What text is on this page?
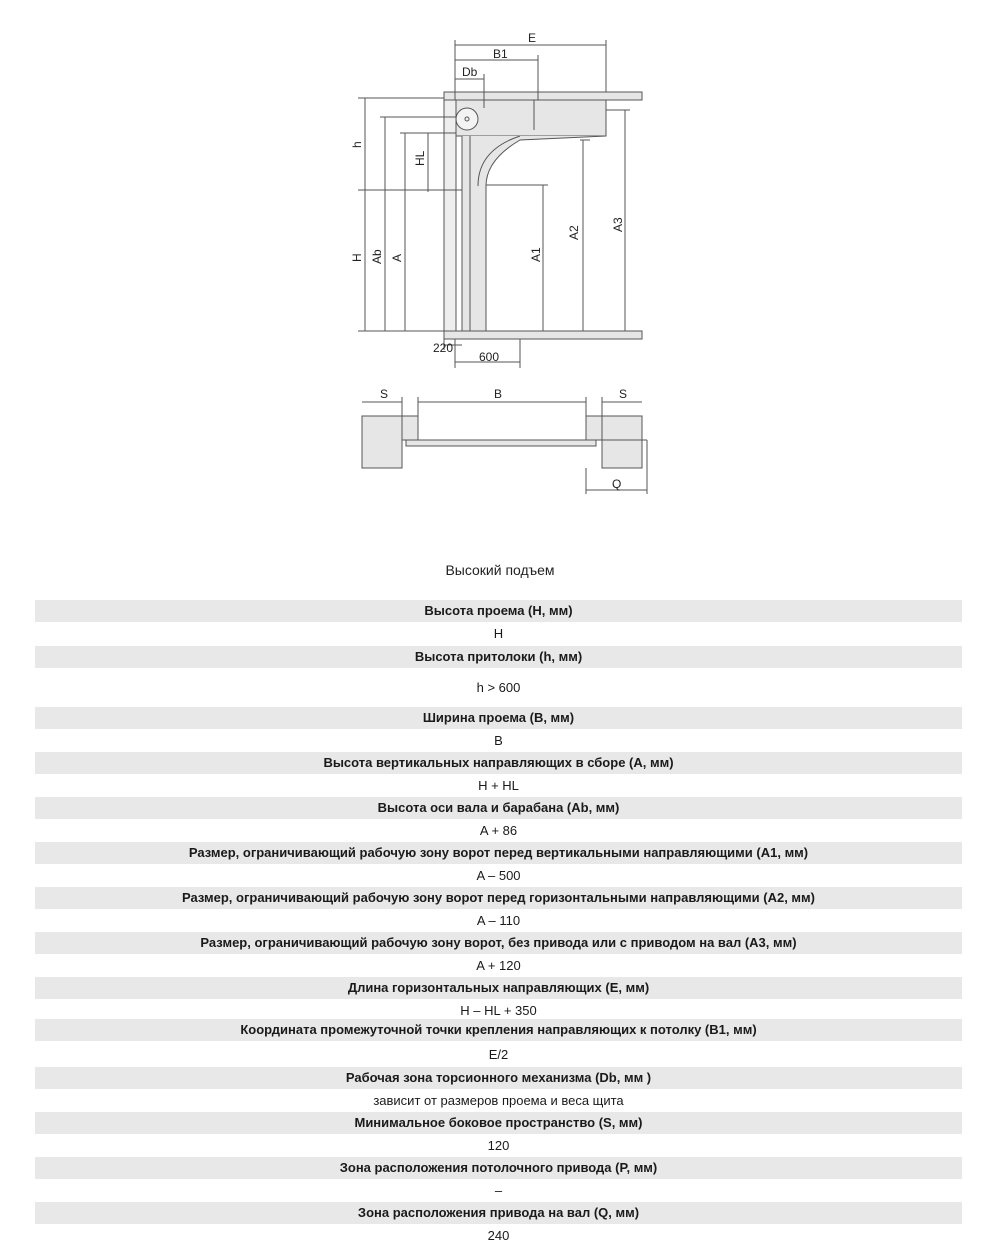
E
B1
Db
h
H Ab A
HL
A1
A2
A3
220
600
S	B	S
Q
Высокий подъем
Высота проема (H, мм)
H
Высота притолоки (h, мм)
h > 600
Ширина проема (B, мм)
B
Высота вертикальных направляющих в сборе (A, мм)
H + HL
Высота оси вала и барабана (Ab, мм)
A + 86
Размер, ограничивающий рабочую зону ворот перед вертикальными направляющими (A1, мм)
A – 500
Размер, ограничивающий рабочую зону ворот перед горизонтальными направляющими (A2, мм)
A – 110
Размер, ограничивающий рабочую зону ворот, без привода или с приводом на вал (A3, мм)
A + 120
Длина горизонтальных направляющих (E, мм)
H – HL + 350
Координата промежуточной точки крепления направляющих к потолку (B1, мм)
E/2
Рабочая зона торсионного механизма (Db, мм )
зависит от размеров проема и веса щита
Минимальное боковое пространство (S, мм)
120
Зона расположения потолочного привода (P, мм)
–
Зона расположения привода на вал (Q, мм)
240
